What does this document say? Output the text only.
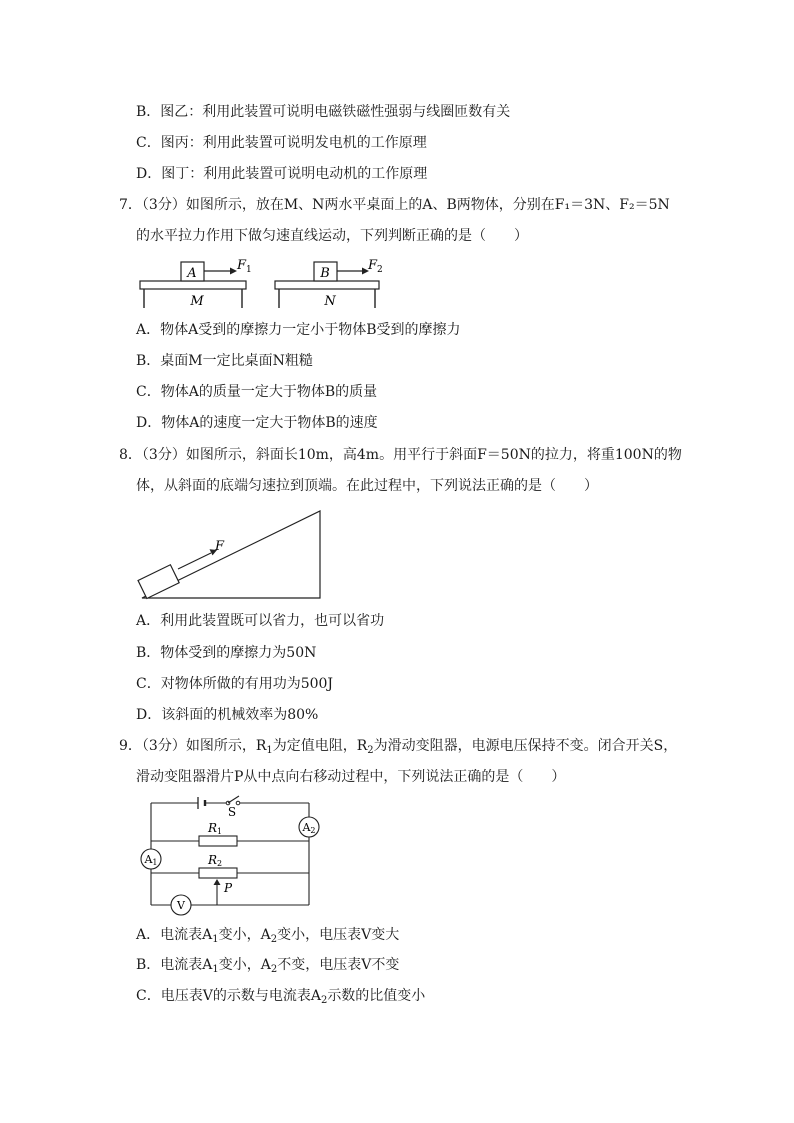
B．图乙：利用此装置可说明电磁铁磁性强弱与线圈匝数有关
C．图丙：利用此装置可说明发电机的工作原理
D．图丁：利用此装置可说明电动机的工作原理
7．（3分）如图所示，放在M、N两水平桌面上的A、B两物体，分别在F₁＝3N、F₂＝5N
的水平拉力作用下做匀速直线运动，下列判断正确的是（　　）
A
$F_1$
M
B
$F_2$
N
A．物体A受到的摩擦力一定小于物体B受到的摩擦力
B．桌面M一定比桌面N粗糙
C．物体A的质量一定大于物体B的质量
D．物体A的速度一定大于物体B的速度
8．（3分）如图所示，斜面长10m，高4m。用平行于斜面F＝50N的拉力，将重100N的物
体，从斜面的底端匀速拉到顶端。在此过程中，下列说法正确的是（　　）
F
A．利用此装置既可以省力，也可以省功
B．物体受到的摩擦力为50N
C．对物体所做的有用功为500J
D．该斜面的机械效率为80%
9．（3分）如图所示，$R_1$为定值电阻，$R_2$为滑动变阻器，电源电压保持不变。闭合开关S，
滑动变阻器滑片P从中点向右移动过程中，下列说法正确的是（　　）
S
A2
A1
R1
R2
P
V
A．电流表$A_1$变小，$A_2$变小，电压表V变大
B．电流表$A_1$变小，$A_2$不变，电压表V不变
C．电压表V的示数与电流表$A_2$示数的比值变小
